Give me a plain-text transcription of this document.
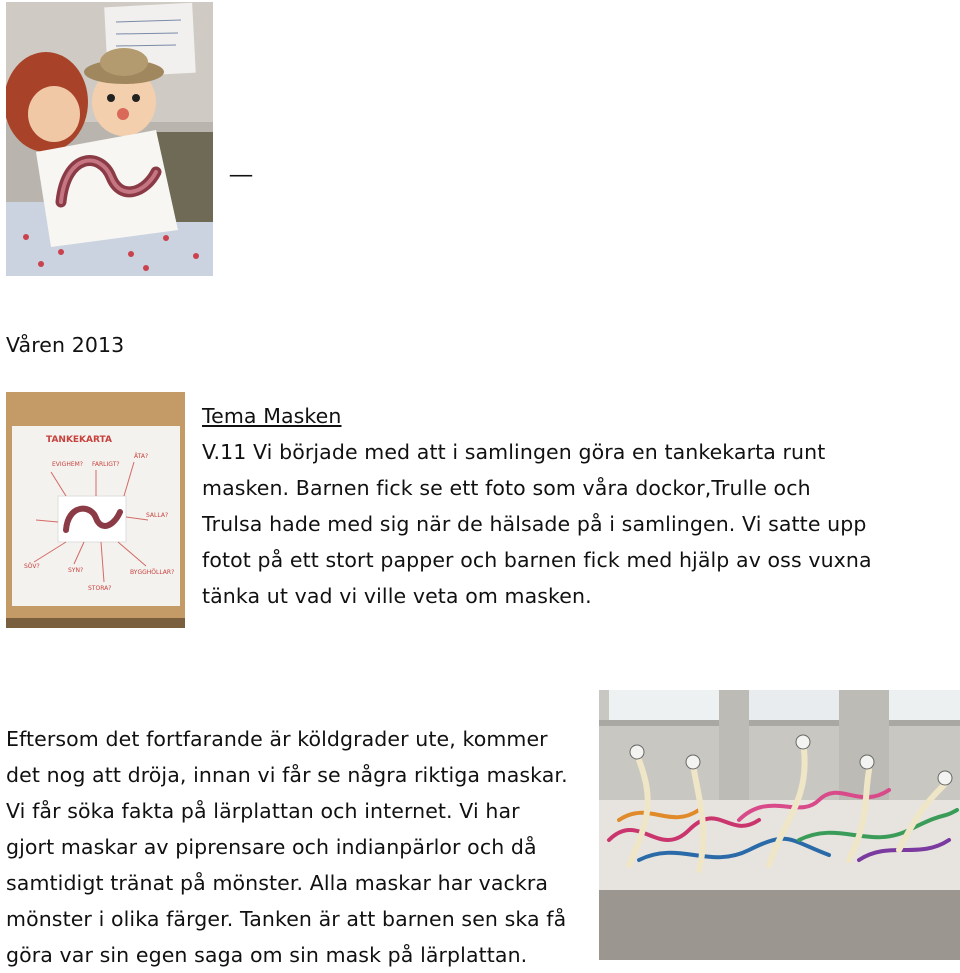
__
Våren 2013
TANKEKARTA
EVIGHEM? FARLIGT?
ÄTA?
SALLA?
SÖV?
SYN?	BYGGHÖLLAR?
STORA?
Tema Masken
V.11 Vi började med att i samlingen göra en tankekarta runt
masken. Barnen fick se ett foto som våra dockor,Trulle och
Trulsa hade med sig när de hälsade på i samlingen. Vi satte upp
fotot på ett stort papper och barnen fick med hjälp av oss vuxna
tänka ut vad vi ville veta om masken.
Eftersom det fortfarande är köldgrader ute, kommer
det nog att dröja, innan vi får se några riktiga maskar.
Vi får söka fakta på lärplattan och internet. Vi har
gjort maskar av piprensare och indianpärlor och då
samtidigt tränat på mönster. Alla maskar har vackra
mönster i olika färger. Tanken är att barnen sen ska få
göra var sin egen saga om sin mask på lärplattan.
